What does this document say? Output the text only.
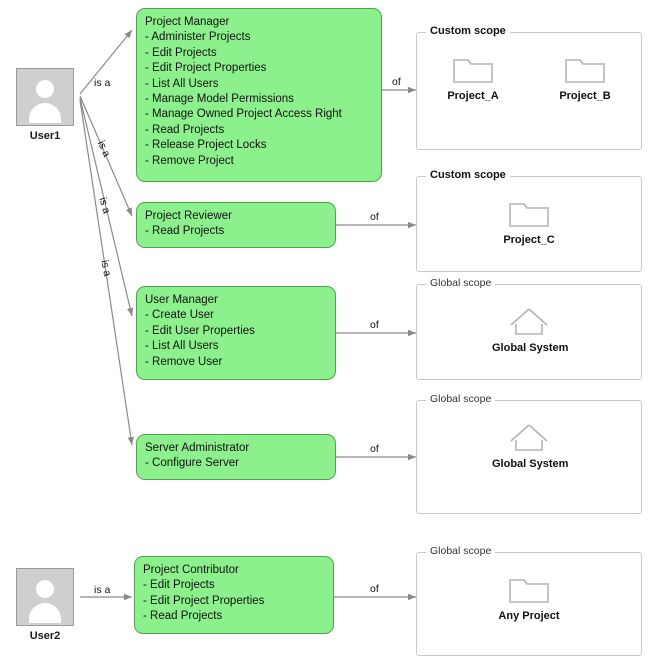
User1
User2
is a
is a
is a
is a
is a
of
of
of
of
of
Project Manager
- Administer Projects
- Edit Projects
- Edit Project Properties
- List All Users
- Manage Model Permissions
- Manage Owned Project Access Right
- Read Projects
- Release Project Locks
- Remove Project
Project Reviewer
- Read Projects
User Manager
- Create User
- Edit User Properties
- List All Users
- Remove User
Server Administrator
- Configure Server
Project Contributor
- Edit Projects
- Edit Project Properties
- Read Projects
Custom scope
Project_A	Project_B
Custom scope
Project_C
Global scope
Global System
Global scope
Global System
Global scope
Any Project
